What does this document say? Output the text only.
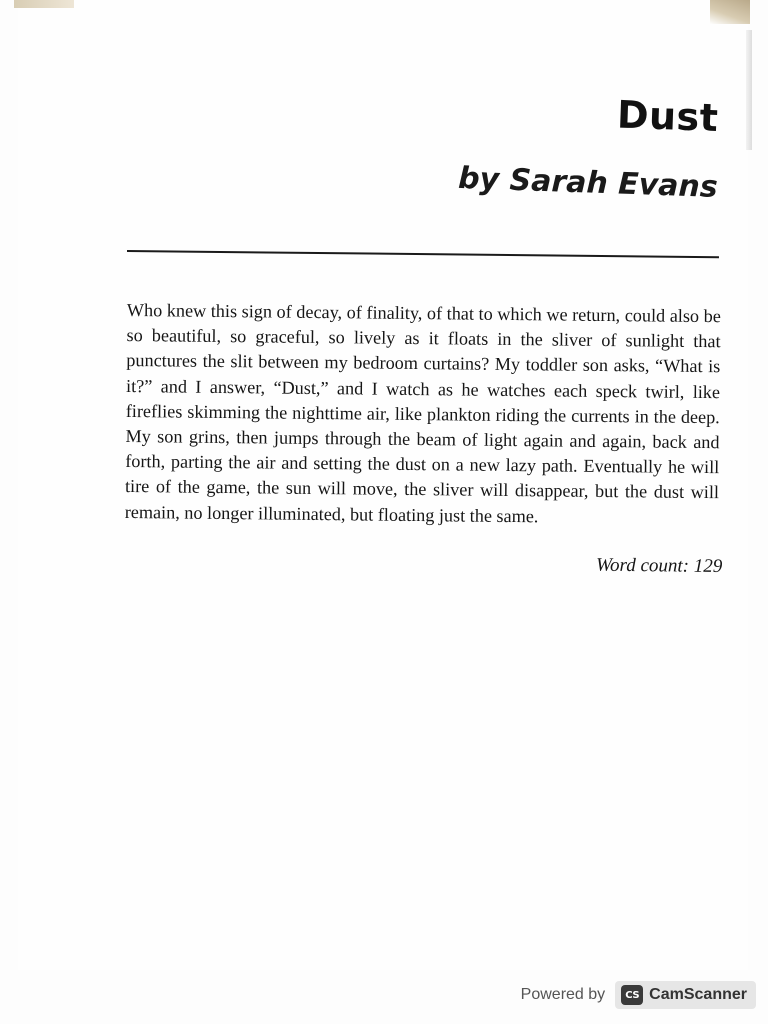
Dust
by Sarah Evans

Who knew this sign of decay, of finality, of that to which we return, could also be so beautiful, so graceful, so lively as it floats in the sliver of sunlight that punctures the slit between my bedroom curtains? My toddler son asks, “What is it?” and I answer, “Dust,” and I watch as he watches each speck twirl, like fireflies skimming the nighttime air, like plankton riding the currents in the deep. My son grins, then jumps through the beam of light again and again, back and forth, parting the air and setting the dust on a new lazy path. Eventually he will tire of the game, the sun will move, the sliver will disappear, but the dust will remain, no longer illuminated, but floating just the same.

Word count: 129

Powered by	CS CamScanner
